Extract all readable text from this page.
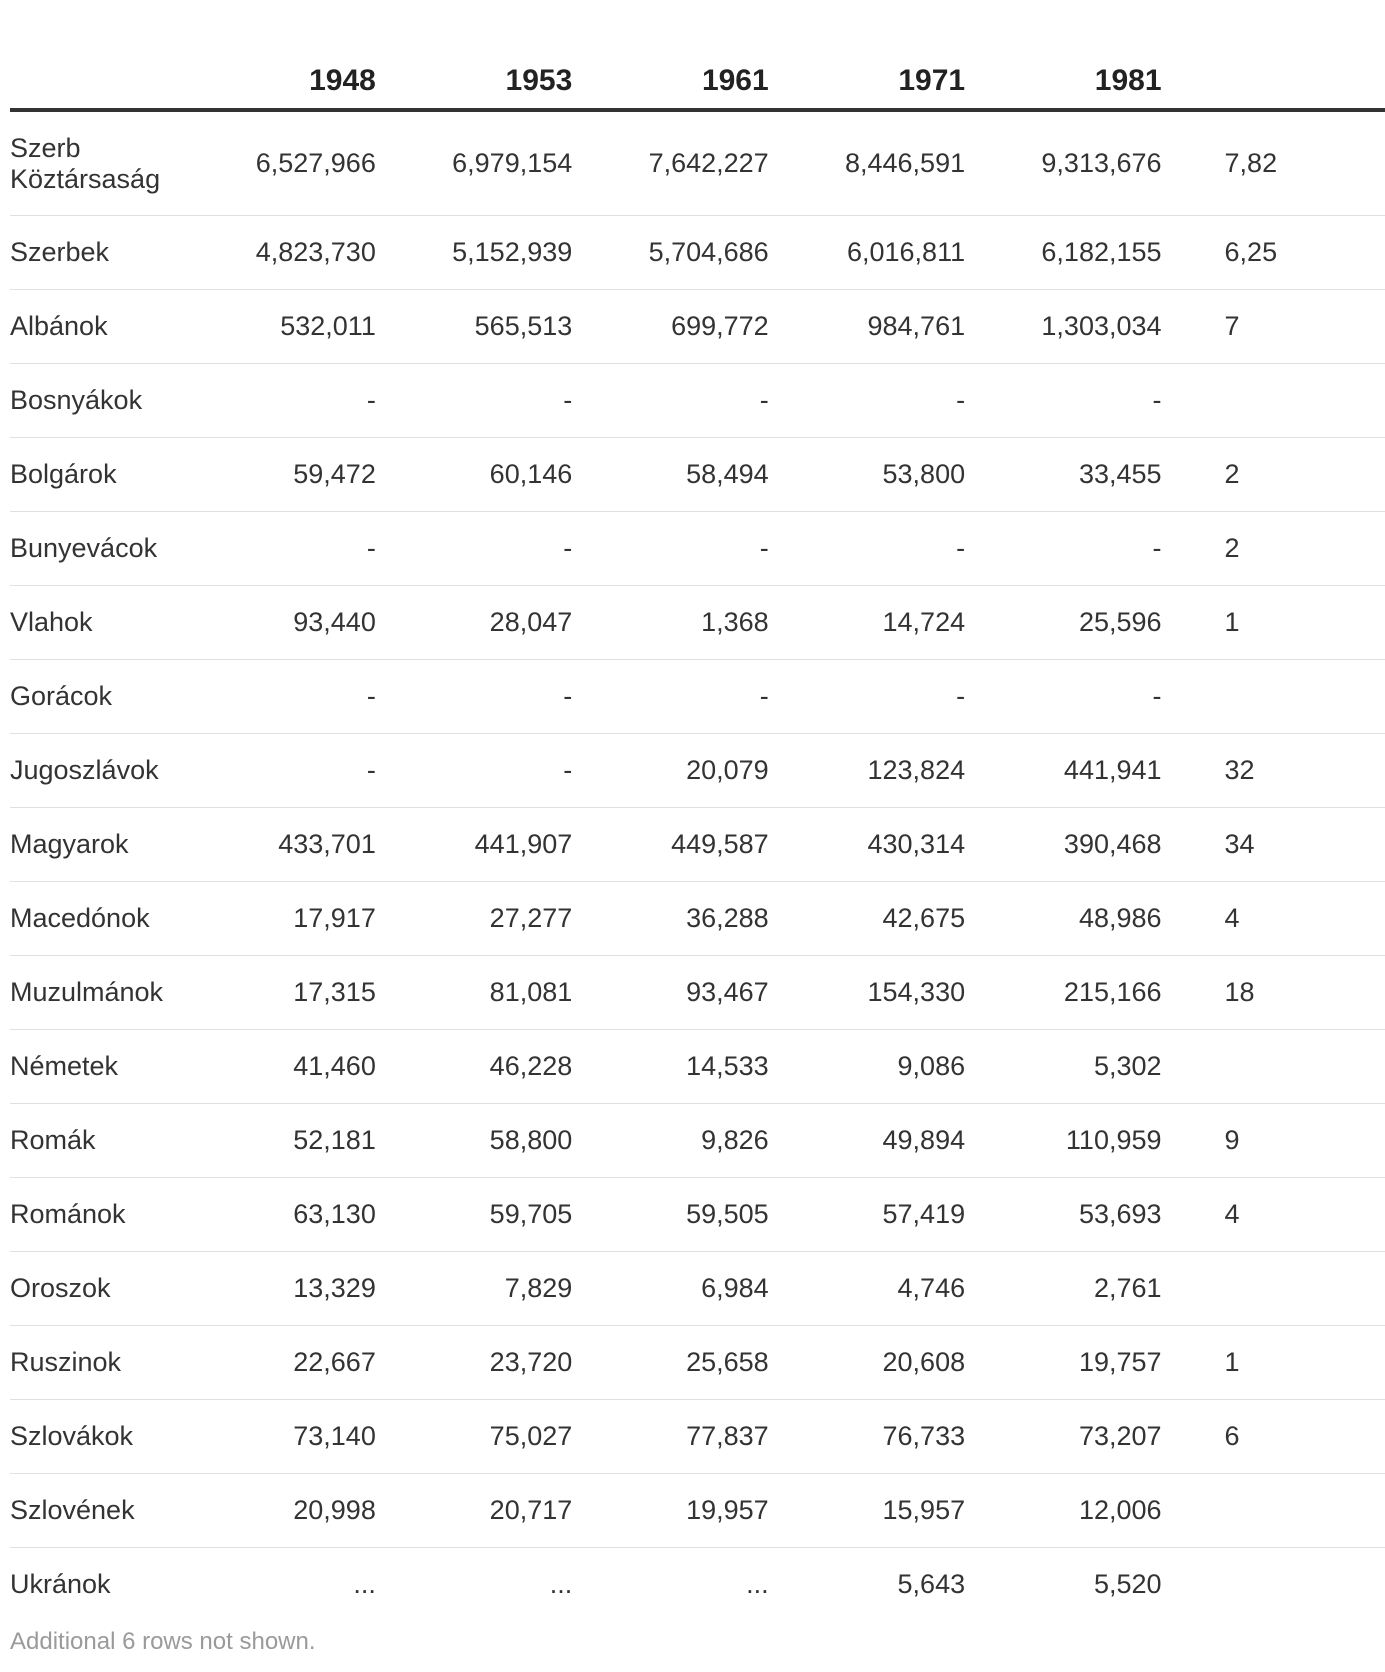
	1948	1953	1961	1971	1981	
Szerb Köztársaság	6,527,966	6,979,154	7,642,227	8,446,591	9,313,676	7,82
Szerbek	4,823,730	5,152,939	5,704,686	6,016,811	6,182,155	6,25
Albánok	532,011	565,513	699,772	984,761	1,303,034	7
Bosnyákok	-	-	-	-	-	
Bolgárok	59,472	60,146	58,494	53,800	33,455	2
Bunyevácok	-	-	-	-	-	2
Vlahok	93,440	28,047	1,368	14,724	25,596	1
Gorácok	-	-	-	-	-	
Jugoszlávok	-	-	20,079	123,824	441,941	32
Magyarok	433,701	441,907	449,587	430,314	390,468	34
Macedónok	17,917	27,277	36,288	42,675	48,986	4
Muzulmánok	17,315	81,081	93,467	154,330	215,166	18
Németek	41,460	46,228	14,533	9,086	5,302	
Romák	52,181	58,800	9,826	49,894	110,959	9
Románok	63,130	59,705	59,505	57,419	53,693	4
Oroszok	13,329	7,829	6,984	4,746	2,761	
Ruszinok	22,667	23,720	25,658	20,608	19,757	1
Szlovákok	73,140	75,027	77,837	76,733	73,207	6
Szlovének	20,998	20,717	19,957	15,957	12,006	
Ukránok	...	...	...	5,643	5,520	
Additional 6 rows not shown.
